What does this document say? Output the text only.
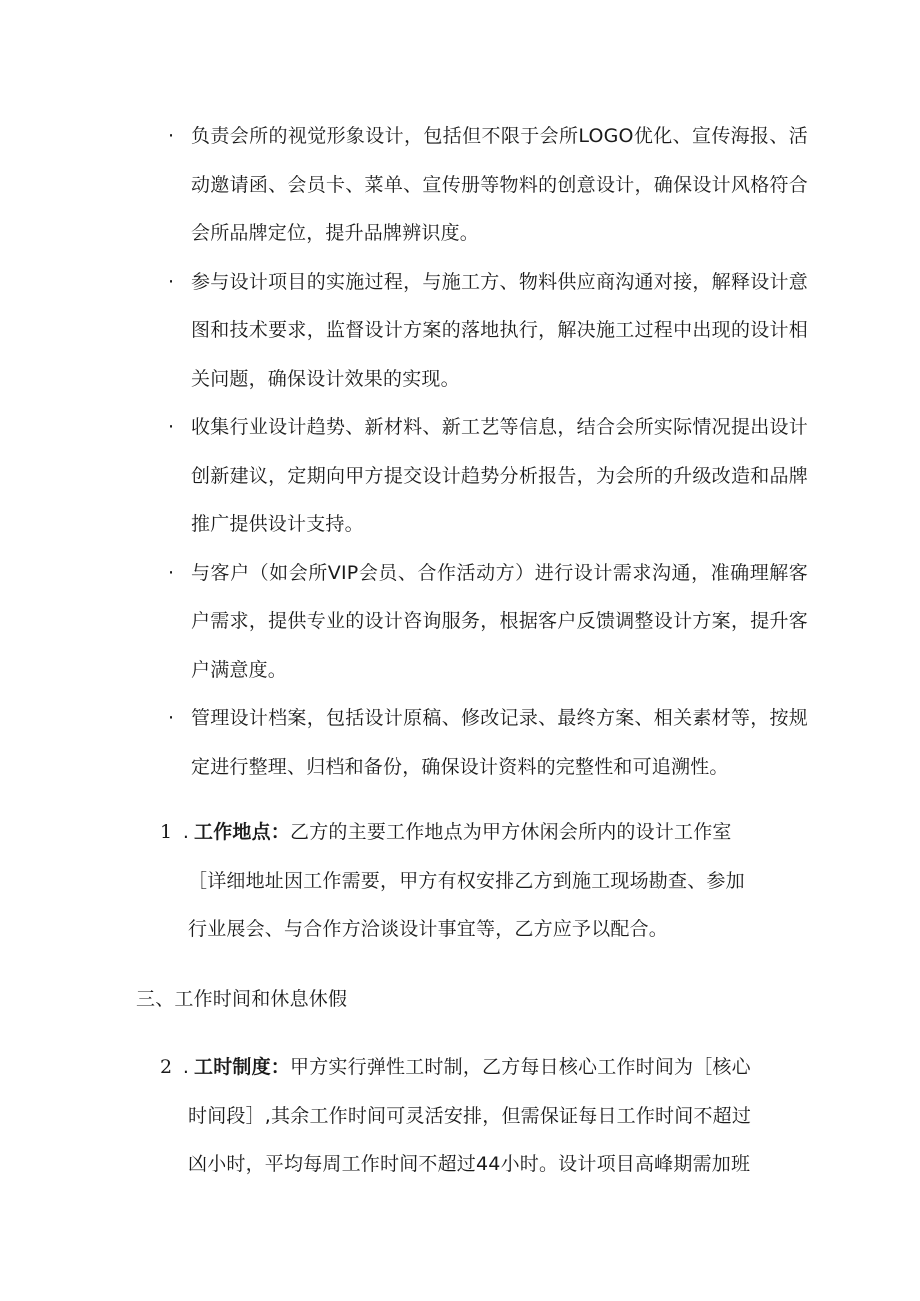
· 负责会所的视觉形象设计，包括但不限于会所LOGO优化、宣传海报、活动邀请函、会员卡、菜单、宣传册等物料的创意设计，确保设计风格符合会所品牌定位，提升品牌辨识度。
· 参与设计项目的实施过程，与施工方、物料供应商沟通对接，解释设计意图和技术要求，监督设计方案的落地执行，解决施工过程中出现的设计相关问题，确保设计效果的实现。
· 收集行业设计趋势、新材料、新工艺等信息，结合会所实际情况提出设计创新建议，定期向甲方提交设计趋势分析报告，为会所的升级改造和品牌推广提供设计支持。
· 与客户（如会所VIP会员、合作活动方）进行设计需求沟通，准确理解客户需求，提供专业的设计咨询服务，根据客户反馈调整设计方案，提升客户满意度。
· 管理设计档案，包括设计原稿、修改记录、最终方案、相关素材等，按规定进行整理、归档和备份，确保设计资料的完整性和可追溯性。
1 . 工作地点：乙方的主要工作地点为甲方休闲会所内的设计工作室
［详细地址因工作需要，甲方有权安排乙方到施工现场勘查、参加
行业展会、与合作方洽谈设计事宜等，乙方应予以配合。
三、工作时间和休息休假
2 . 工时制度：甲方实行弹性工时制，乙方每日核心工作时间为［核心
时间段］,其余工作时间可灵活安排，但需保证每日工作时间不超过
凶小时，平均每周工作时间不超过44小时。设计项目高峰期需加班
